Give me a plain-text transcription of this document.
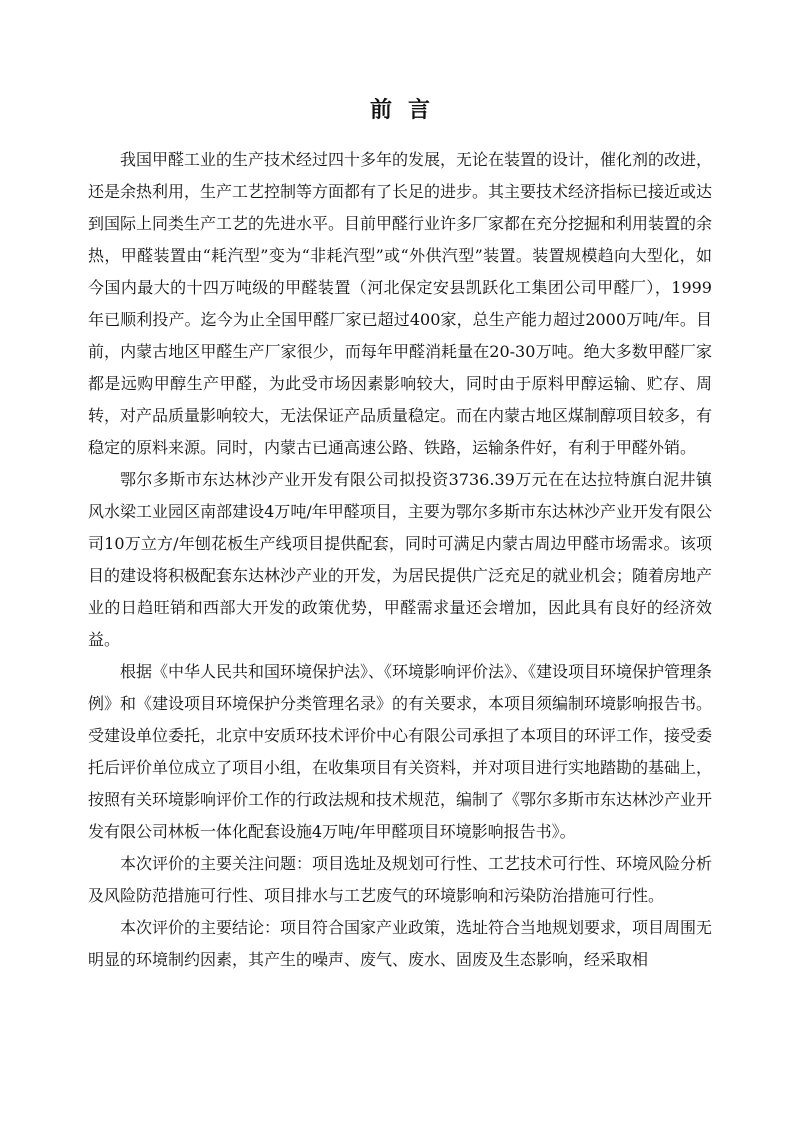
前言

我国甲醛工业的生产技术经过四十多年的发展，无论在装置的设计，催化剂的改进，还是余热利用，生产工艺控制等方面都有了长足的进步。其主要技术经济指标已接近或达到国际上同类生产工艺的先进水平。目前甲醛行业许多厂家都在充分挖掘和利用装置的余热，甲醛装置由“耗汽型”变为“非耗汽型”或“外供汽型”装置。装置规模趋向大型化，如今国内最大的十四万吨级的甲醛装置（河北保定安县凯跃化工集团公司甲醛厂），1999年已顺利投产。迄今为止全国甲醛厂家已超过400家，总生产能力超过2000万吨/年。目前，内蒙古地区甲醛生产厂家很少，而每年甲醛消耗量在20-30万吨。绝大多数甲醛厂家都是远购甲醇生产甲醛，为此受市场因素影响较大，同时由于原料甲醇运输、贮存、周转，对产品质量影响较大，无法保证产品质量稳定。而在内蒙古地区煤制醇项目较多，有稳定的原料来源。同时，内蒙古已通高速公路、铁路，运输条件好，有利于甲醛外销。

鄂尔多斯市东达林沙产业开发有限公司拟投资3736.39万元在在达拉特旗白泥井镇风水梁工业园区南部建设4万吨/年甲醛项目，主要为鄂尔多斯市东达林沙产业开发有限公司10万立方/年刨花板生产线项目提供配套，同时可满足内蒙古周边甲醛市场需求。该项目的建设将积极配套东达林沙产业的开发，为居民提供广泛充足的就业机会；随着房地产业的日趋旺销和西部大开发的政策优势，甲醛需求量还会增加，因此具有良好的经济效益。

根据《中华人民共和国环境保护法》、《环境影响评价法》、《建设项目环境保护管理条例》和《建设项目环境保护分类管理名录》的有关要求，本项目须编制环境影响报告书。受建设单位委托，北京中安质环技术评价中心有限公司承担了本项目的环评工作，接受委托后评价单位成立了项目小组，在收集项目有关资料，并对项目进行实地踏勘的基础上，按照有关环境影响评价工作的行政法规和技术规范，编制了《鄂尔多斯市东达林沙产业开发有限公司林板一体化配套设施4万吨/年甲醛项目环境影响报告书》。

本次评价的主要关注问题：项目选址及规划可行性、工艺技术可行性、环境风险分析及风险防范措施可行性、项目排水与工艺废气的环境影响和污染防治措施可行性。

本次评价的主要结论：项目符合国家产业政策，选址符合当地规划要求，项目周围无明显的环境制约因素，其产生的噪声、废气、废水、固废及生态影响，经采取相
